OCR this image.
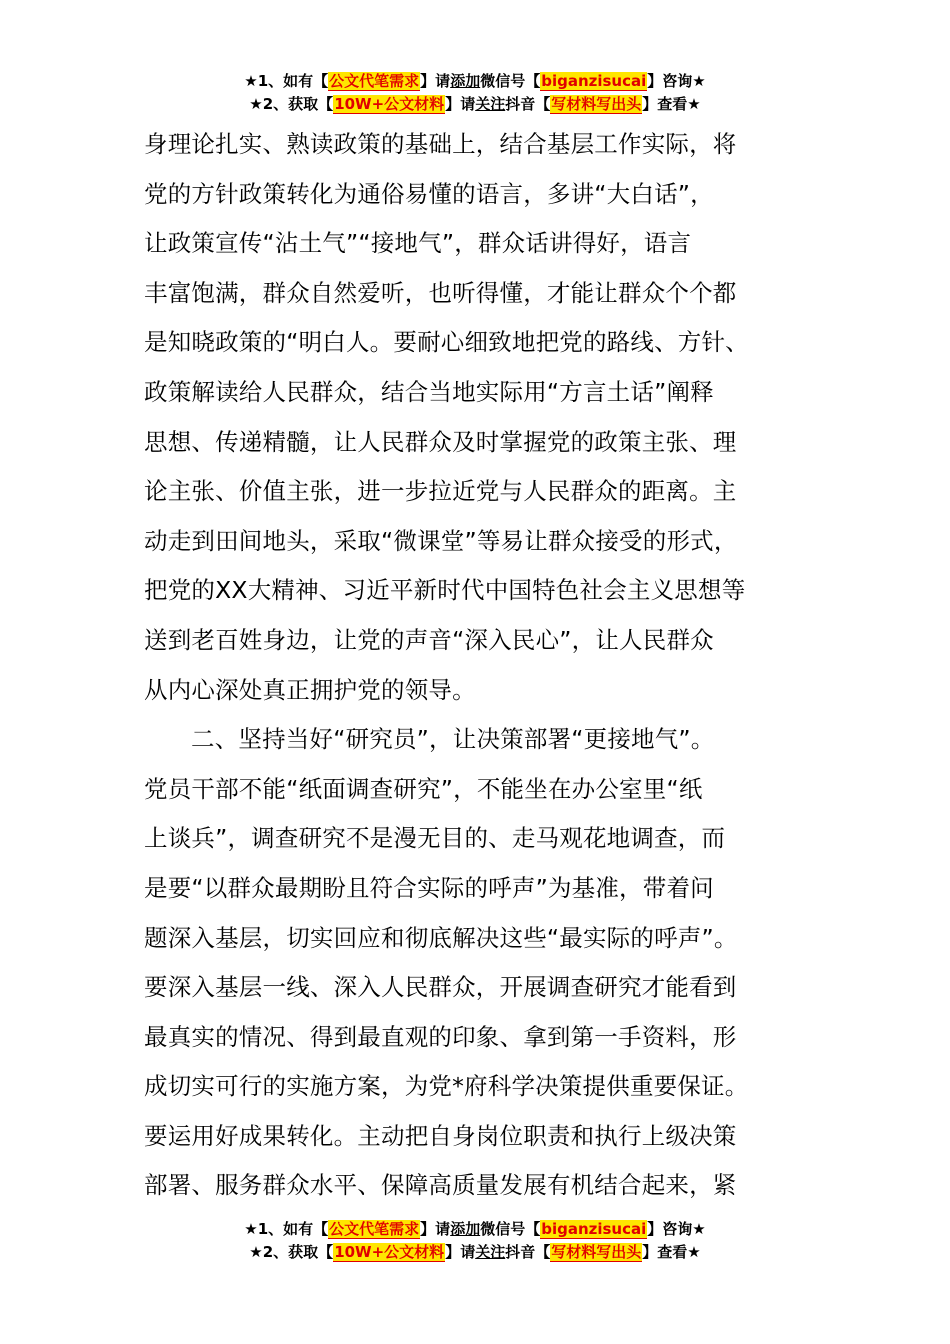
★1、如有【公文代笔需求】请添加微信号【biganzisucai】咨询★
★2、获取【10W+公文材料】请关注抖音【写材料写出头】查看★
身理论扎实、熟读政策的基础上，结合基层工作实际，将
党的方针政策转化为通俗易懂的语言，多讲“大白话”，
让政策宣传“沾土气”“接地气”，群众话讲得好，语言
丰富饱满，群众自然爱听，也听得懂，才能让群众个个都
是知晓政策的“明白人。要耐心细致地把党的路线、方针、
政策解读给人民群众，结合当地实际用“方言土话”阐释
思想、传递精髓，让人民群众及时掌握党的政策主张、理
论主张、价值主张，进一步拉近党与人民群众的距离。主
动走到田间地头，采取“微课堂”等易让群众接受的形式，
把党的XX大精神、习近平新时代中国特色社会主义思想等
送到老百姓身边，让党的声音“深入民心”，让人民群众
从内心深处真正拥护党的领导。
二、坚持当好“研究员”，让决策部署“更接地气”。
党员干部不能“纸面调查研究”，不能坐在办公室里“纸
上谈兵”，调查研究不是漫无目的、走马观花地调查，而
是要“以群众最期盼且符合实际的呼声”为基准，带着问
题深入基层，切实回应和彻底解决这些“最实际的呼声”。
要深入基层一线、深入人民群众，开展调查研究才能看到
最真实的情况、得到最直观的印象、拿到第一手资料，形
成切实可行的实施方案，为党*府科学决策提供重要保证。
要运用好成果转化。主动把自身岗位职责和执行上级决策
部署、服务群众水平、保障高质量发展有机结合起来，紧
★1、如有【公文代笔需求】请添加微信号【biganzisucai】咨询★
★2、获取【10W+公文材料】请关注抖音【写材料写出头】查看★
